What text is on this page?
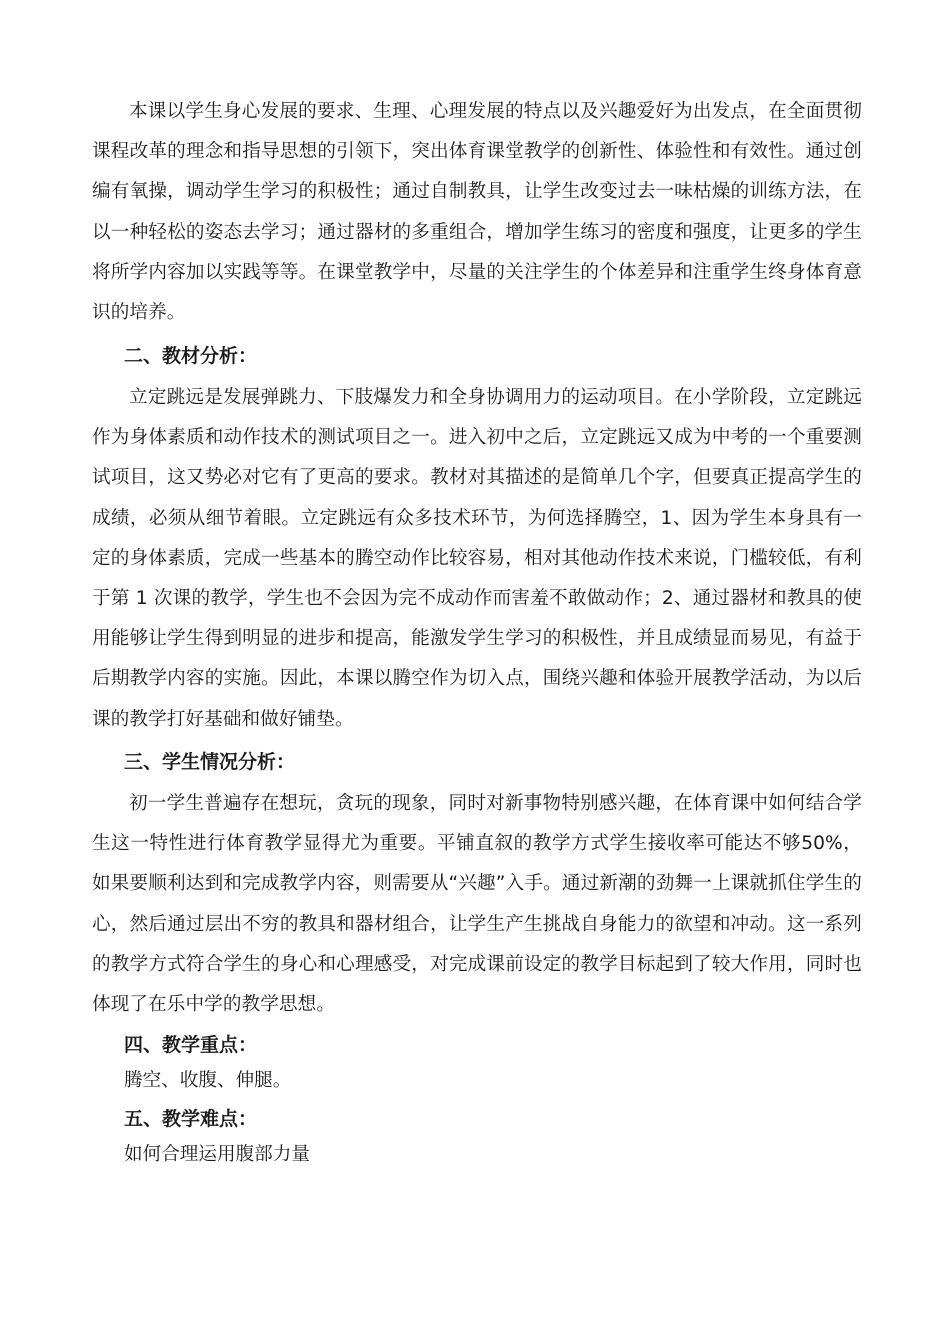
本课以学生身心发展的要求、生理、心理发展的特点以及兴趣爱好为出发点，在全面贯彻课程改革的理念和指导思想的引领下，突出体育课堂教学的创新性、体验性和有效性。通过创编有氧操，调动学生学习的积极性；通过自制教具，让学生改变过去一味枯燥的训练方法，在以一种轻松的姿态去学习；通过器材的多重组合，增加学生练习的密度和强度，让更多的学生将所学内容加以实践等等。在课堂教学中，尽量的关注学生的个体差异和注重学生终身体育意识的培养。

二、教材分析：

立定跳远是发展弹跳力、下肢爆发力和全身协调用力的运动项目。在小学阶段，立定跳远作为身体素质和动作技术的测试项目之一。进入初中之后，立定跳远又成为中考的一个重要测试项目，这又势必对它有了更高的要求。教材对其描述的是简单几个字，但要真正提高学生的成绩，必须从细节着眼。立定跳远有众多技术环节，为何选择腾空，1、因为学生本身具有一定的身体素质，完成一些基本的腾空动作比较容易，相对其他动作技术来说，门槛较低，有利于第 1 次课的教学，学生也不会因为完不成动作而害羞不敢做动作；2、通过器材和教具的使用能够让学生得到明显的进步和提高，能激发学生学习的积极性，并且成绩显而易见，有益于后期教学内容的实施。因此，本课以腾空作为切入点，围绕兴趣和体验开展教学活动，为以后课的教学打好基础和做好铺垫。

三、学生情况分析：

初一学生普遍存在想玩，贪玩的现象，同时对新事物特别感兴趣，在体育课中如何结合学生这一特性进行体育教学显得尤为重要。平铺直叙的教学方式学生接收率可能达不够50%，如果要顺利达到和完成教学内容，则需要从“兴趣”入手。通过新潮的劲舞一上课就抓住学生的心，然后通过层出不穷的教具和器材组合，让学生产生挑战自身能力的欲望和冲动。这一系列的教学方式符合学生的身心和心理感受，对完成课前设定的教学目标起到了较大作用，同时也体现了在乐中学的教学思想。

四、教学重点：

腾空、收腹、伸腿。

五、教学难点：

如何合理运用腹部力量
